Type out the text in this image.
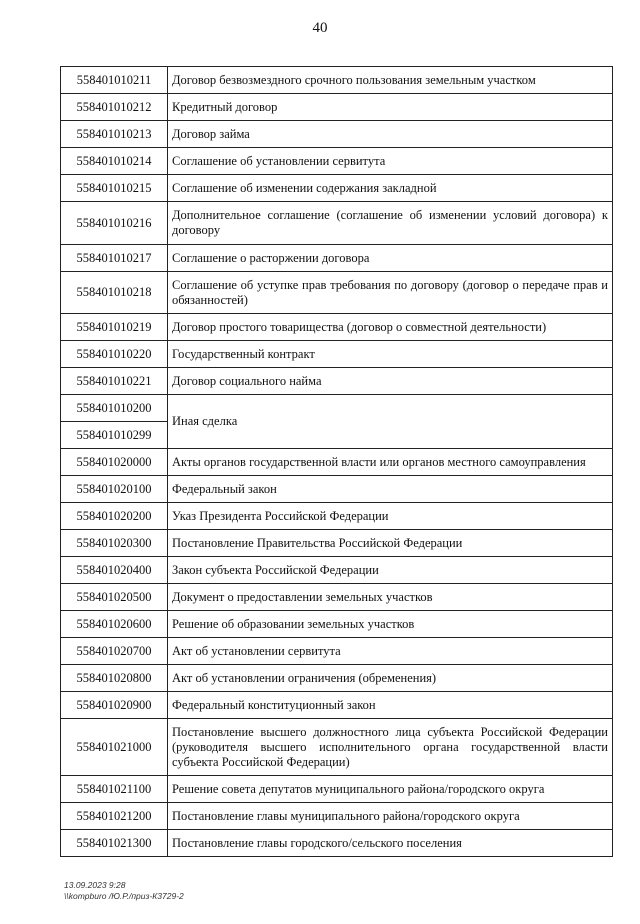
40
558401010211	Договор безвозмездного срочного пользования земельным участком
558401010212	Кредитный договор
558401010213	Договор займа
558401010214	Соглашение об установлении сервитута
558401010215	Соглашение об изменении содержания закладной
558401010216	Дополнительное соглашение (соглашение об изменении условий договора) к договору
558401010217	Соглашение о расторжении договора
558401010218	Соглашение об уступке прав требования по договору (договор о передаче прав и обязанностей)
558401010219	Договор простого товарищества (договор о совместной деятельности)
558401010220	Государственный контракт
558401010221	Договор социального найма
558401010200	Иная сделка
558401010299	
558401020000	Акты органов государственной власти или органов местного самоуправления
558401020100	Федеральный закон
558401020200	Указ Президента Российской Федерации
558401020300	Постановление Правительства Российской Федерации
558401020400	Закон субъекта Российской Федерации
558401020500	Документ о предоставлении земельных участков
558401020600	Решение об образовании земельных участков
558401020700	Акт об установлении сервитута
558401020800	Акт об установлении ограничения (обременения)
558401020900	Федеральный конституционный закон
558401021000	Постановление высшего должностного лица субъекта Российской Федерации (руководителя высшего исполнительного органа государственной власти субъекта Российской Федерации)
558401021100	Решение совета депутатов муниципального района/городского округа
558401021200	Постановление главы муниципального района/городского округа
558401021300	Постановление главы городского/сельского поселения
13.09.2023 9:28
\\kompburo /Ю.Р./приз-К3729-2
